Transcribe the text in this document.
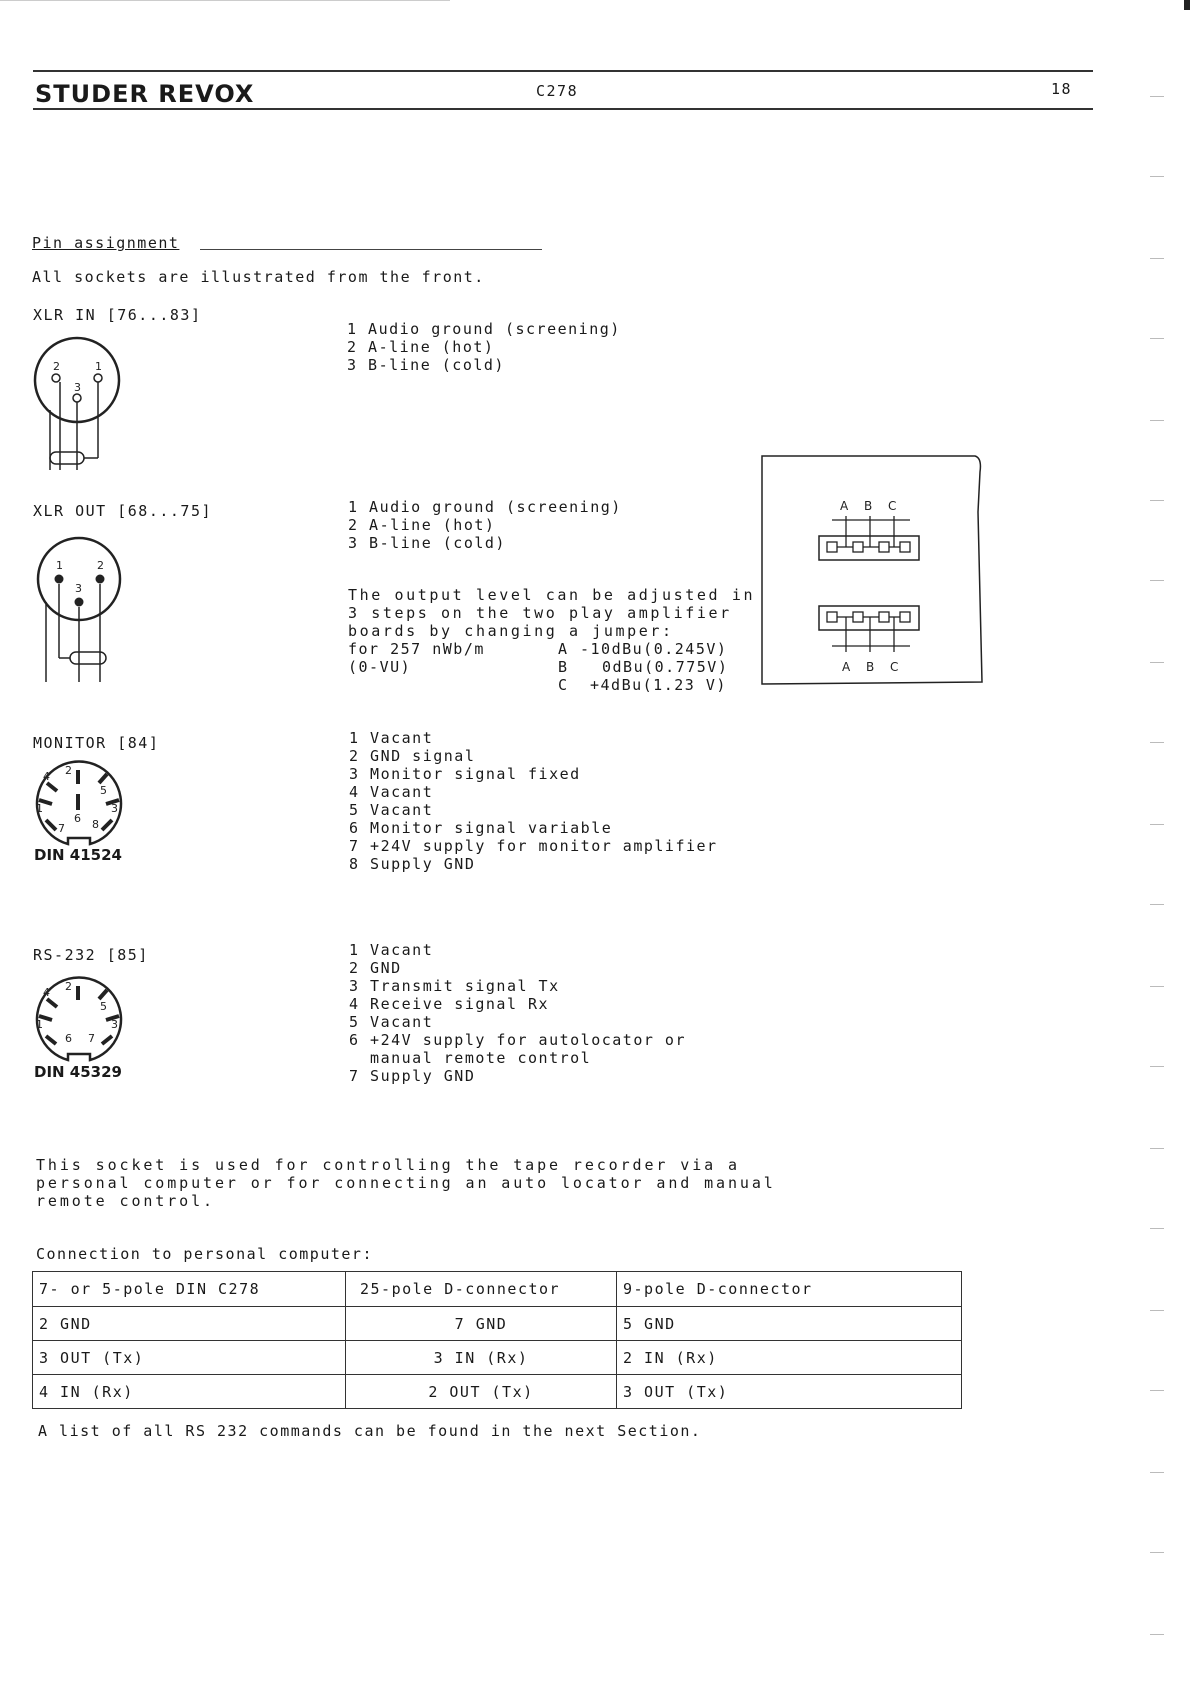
STUDER REVOX	C278	18
Pin assignment
All sockets are illustrated from the front.
XLR IN [76...83]
2	1
3
1 Audio ground (screening)
2 A-line (hot)
3 B-line (cold)
XLR OUT [68...75]
1	2
3
1 Audio ground (screening)
2 A-line (hot)
3 B-line (cold)
The output level can be adjusted in
3 steps on the two play amplifier
boards by changing a jumper:
for 257 nWb/m	A -10dBu(0.245V)
(0-VU)	B 0dBu(0.775V)
C +4dBu(1.23 V)
A B C
A B C
MONITOR [84]
2
4
5
1	3
6
7 8
DIN 41524
1 Vacant
2 GND signal
3 Monitor signal fixed
4 Vacant
5 Vacant
6 Monitor signal variable
7 +24V supply for monitor amplifier
8 Supply GND
RS-232 [85]
2
4
5
1	3
6 7
DIN 45329
1 Vacant
2 GND
3 Transmit signal Tx
4 Receive signal Rx
5 Vacant
6 +24V supply for autolocator or
manual remote control
7 Supply GND
This socket is used for controlling the tape recorder via a
personal computer or for connecting an auto locator and manual
remote control.
Connection to personal computer:
7- or 5-pole DIN C278	25-pole D-connector	9-pole D-connector
2 GND	7 GND	5 GND
3 OUT (Tx)	3 IN (Rx)	2 IN (Rx)
4 IN (Rx)	2 OUT (Tx)	3 OUT (Tx)
A list of all RS 232 commands can be found in the next Section.
